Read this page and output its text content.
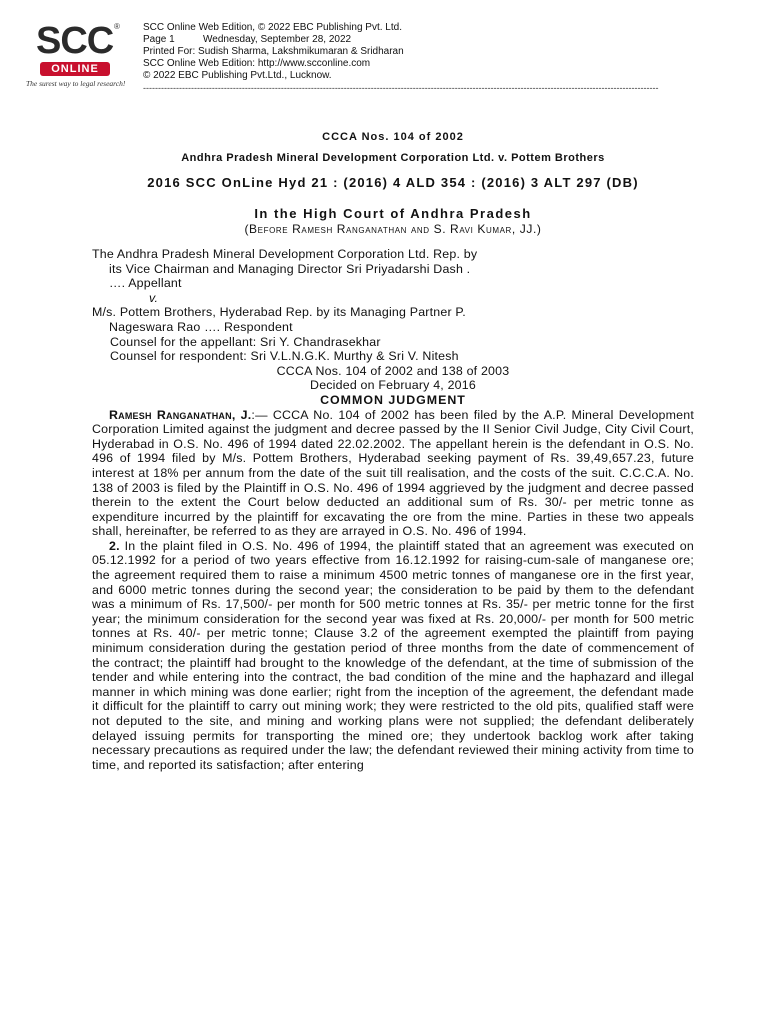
SCC ®
ONLINE
The surest way to legal research!
SCC Online Web Edition, © 2022 EBC Publishing Pvt. Ltd.
Page 1	Wednesday, September 28, 2022
Printed For: Sudish Sharma, Lakshmikumaran & Sridharan
SCC Online Web Edition: http://www.scconline.com
© 2022 EBC Publishing Pvt.Ltd., Lucknow.
----------------------------------------------------------------------------------------------------------------------------------------------------------------------------
CCCA Nos. 104 of 2002
Andhra Pradesh Mineral Development Corporation Ltd. v. Pottem Brothers
2016 SCC OnLine Hyd 21 : (2016) 4 ALD 354 : (2016) 3 ALT 297 (DB)
In the High Court of Andhra Pradesh
(Before Ramesh Ranganathan and S. Ravi Kumar, JJ.)

The Andhra Pradesh Mineral Development Corporation Ltd. Rep. by

its Vice Chairman and Managing Director Sri Priyadarshi Dash .

…. Appellant

v.

M/s. Pottem Brothers, Hyderabad Rep. by its Managing Partner P.

Nageswara Rao …. Respondent

Counsel for the appellant: Sri Y. Chandrasekhar

Counsel for respondent: Sri V.L.N.G.K. Murthy & Sri V. Nitesh

CCCA Nos. 104 of 2002 and 138 of 2003

Decided on February 4, 2016

COMMON JUDGMENT

Ramesh Ranganathan, J.:— CCCA No. 104 of 2002 has been filed by the A.P. Mineral Development Corporation Limited against the judgment and decree passed by the II Senior Civil Judge, City Civil Court, Hyderabad in O.S. No. 496 of 1994 dated 22.02.2002. The appellant herein is the defendant in O.S. No. 496 of 1994 filed by M/s. Pottem Brothers, Hyderabad seeking payment of Rs. 39,49,657.23, future interest at 18% per annum from the date of the suit till realisation, and the costs of the suit. C.C.C.A. No. 138 of 2003 is filed by the Plaintiff in O.S. No. 496 of 1994 aggrieved by the judgment and decree passed therein to the extent the Court below deducted an additional sum of Rs. 30/- per metric tonne as expenditure incurred by the plaintiff for excavating the ore from the mine. Parties in these two appeals shall, hereinafter, be referred to as they are arrayed in O.S. No. 496 of 1994.

2. In the plaint filed in O.S. No. 496 of 1994, the plaintiff stated that an agreement was executed on 05.12.1992 for a period of two years effective from 16.12.1992 for raising-cum-sale of manganese ore; the agreement required them to raise a minimum 4500 metric tonnes of manganese ore in the first year, and 6000 metric tonnes during the second year; the consideration to be paid by them to the defendant was a minimum of Rs. 17,500/- per month for 500 metric tonnes at Rs. 35/- per metric tonne for the first year; the minimum consideration for the second year was fixed at Rs. 20,000/- per month for 500 metric tonnes at Rs. 40/- per metric tonne; Clause 3.2 of the agreement exempted the plaintiff from paying minimum consideration during the gestation period of three months from the date of commencement of the contract; the plaintiff had brought to the knowledge of the defendant, at the time of submission of the tender and while entering into the contract, the bad condition of the mine and the haphazard and illegal manner in which mining was done earlier; right from the inception of the agreement, the defendant made it difficult for the plaintiff to carry out mining work; they were restricted to the old pits, qualified staff were not deputed to the site, and mining and working plans were not supplied; the defendant deliberately delayed issuing permits for transporting the mined ore; they undertook backlog work after taking necessary precautions as required under the law; the defendant reviewed their mining activity from time to time, and reported its satisfaction; after entering
